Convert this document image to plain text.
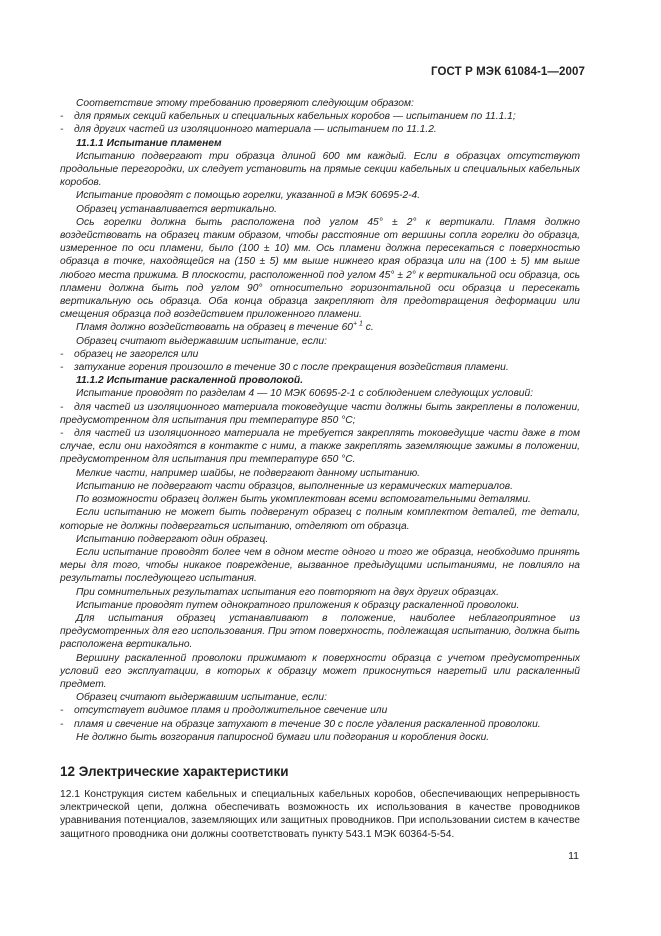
ГОСТ Р МЭК 61084-1—2007

Соответствие этому требованию проверяют следующим образом:

- для прямых секций кабельных и специальных кабельных коробов — испытанием по 11.1.1;

- для других частей из изоляционного материала — испытанием по 11.1.2.

11.1.1 Испытание пламенем

Испытанию подвергают три образца длиной 600 мм каждый. Если в образцах отсутствуют продольные перегородки, их следует установить на прямые секции кабельных и специальных кабельных коробов.

Испытание проводят с помощью горелки, указанной в МЭК 60695-2-4.

Образец устанавливается вертикально.

Ось горелки должна быть расположена под углом 45° ± 2° к вертикали. Пламя должно воздействовать на образец таким образом, чтобы расстояние от вершины сопла горелки до образца, измеренное по оси пламени, было (100 ± 10) мм. Ось пламени должна пересекаться с поверхностью образца в точке, находящейся на (150 ± 5) мм выше нижнего края образца или на (100 ± 5) мм выше любого места прижима. В плоскости, расположенной под углом 45° ± 2° к вертикальной оси образца, ось пламени должна быть под углом 90° относительно горизонтальной оси образца и пересекать вертикальную ось образца. Оба конца образца закрепляют для предотвращения деформации или смещения образца под воздействием приложенного пламени.

Пламя должно воздействовать на образец в течение $60^{+ 1}$ с.

Образец считают выдержавшим испытание, если:

- образец не загорелся или

- затухание горения произошло в течение 30 с после прекращения воздействия пламени.

11.1.2 Испытание раскаленной проволокой.

Испытание проводят по разделам 4 — 10 МЭК 60695-2-1 с соблюдением следующих условий:

- для частей из изоляционного материала токоведущие части должны быть закреплены в положении, предусмотренном для испытания при температуре 850 °С;

- для частей из изоляционного материала не требуется закреплять токоведущие части даже в том случае, если они находятся в контакте с ними, а также закреплять заземляющие зажимы в положении, предусмотренном для испытания при температуре 650 °С.

Мелкие части, например шайбы, не подвергают данному испытанию.

Испытанию не подвергают части образцов, выполненные из керамических материалов.

По возможности образец должен быть укомплектован всеми вспомогательными деталями.

Если испытанию не может быть подвергнут образец с полным комплектом деталей, те детали, которые не должны подвергаться испытанию, отделяют от образца.

Испытанию подвергают один образец.

Если испытание проводят более чем в одном месте одного и того же образца, необходимо принять меры для того, чтобы никакое повреждение, вызванное предыдущими испытаниями, не повлияло на результаты последующего испытания.

При сомнительных результатах испытания его повторяют на двух других образцах.

Испытание проводят путем однократного приложения к образцу раскаленной проволоки.

Для испытания образец устанавливают в положение, наиболее неблагоприятное из предусмотренных для его использования. При этом поверхность, подлежащая испытанию, должна быть расположена вертикально.

Вершину раскаленной проволоки прижимают к поверхности образца с учетом предусмотренных условий его эксплуатации, в которых к образцу может прикоснуться нагретый или раскаленный предмет.

Образец считают выдержавшим испытание, если:

- отсутствует видимое пламя и продолжительное свечение или

- пламя и свечение на образце затухают в течение 30 с после удаления раскаленной проволоки.

Не должно быть возгорания папиросной бумаги или подгорания и коробления доски.

12 Электрические характеристики

12.1 Конструкция систем кабельных и специальных кабельных коробов, обеспечивающих непрерывность электрической цепи, должна обеспечивать возможность их использования в качестве проводников уравнивания потенциалов, заземляющих или защитных проводников. При использовании систем в качестве защитного проводника они должны соответствовать пункту 543.1 МЭК 60364-5-54.

11
